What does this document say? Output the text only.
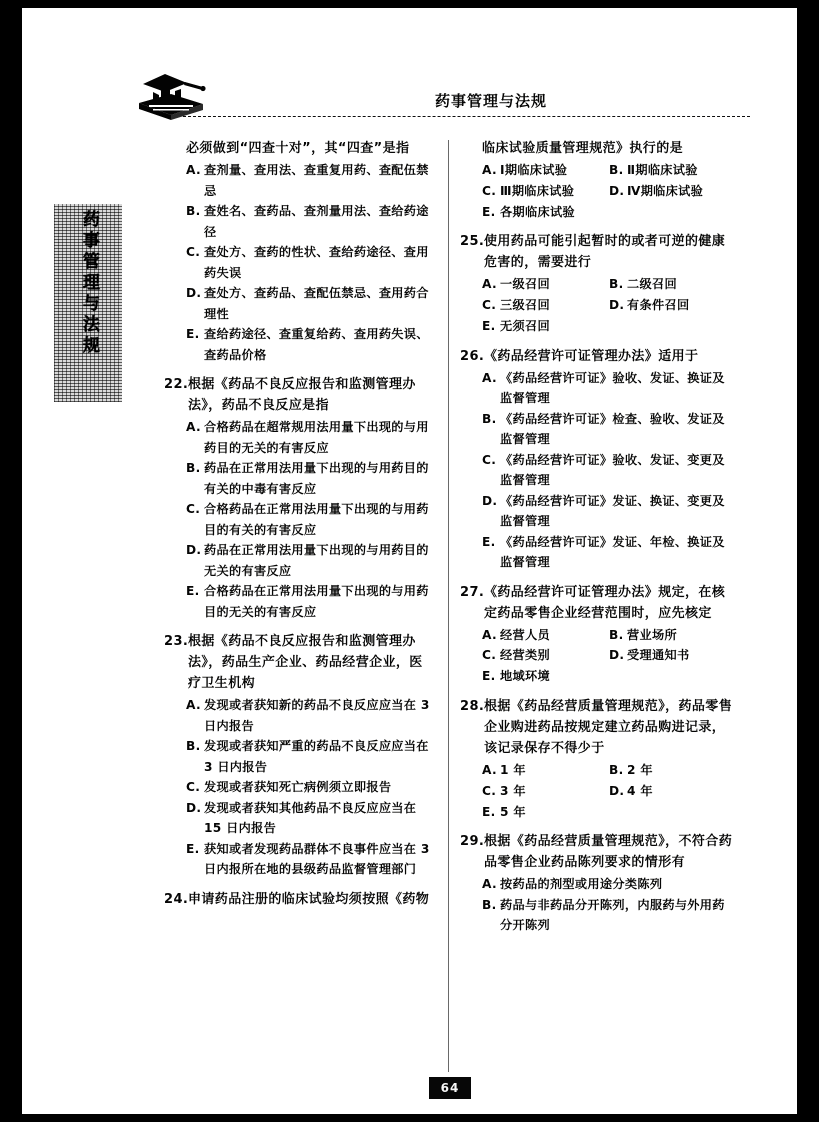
药事管理与法规
药事管理与法规
必须做到“四查十对”，其“四查”是指
A. 查剂量、查用法、查重复用药、查配伍禁忌
B. 查姓名、查药品、查剂量用法、查给药途径
C. 查处方、查药的性状、查给药途径、查用药失误
D. 查处方、查药品、查配伍禁忌、查用药合理性
E. 查给药途径、查重复给药、查用药失误、查药品价格
22. 根据《药品不良反应报告和监测管理办法》，药品不良反应是指
A. 合格药品在超常规用法用量下出现的与用药目的无关的有害反应
B. 药品在正常用法用量下出现的与用药目的有关的中毒有害反应
C. 合格药品在正常用法用量下出现的与用药目的有关的有害反应
D. 药品在正常用法用量下出现的与用药目的无关的有害反应
E. 合格药品在正常用法用量下出现的与用药目的无关的有害反应
23. 根据《药品不良反应报告和监测管理办法》，药品生产企业、药品经营企业，医疗卫生机构
A. 发现或者获知新的药品不良反应应当在 3 日内报告
B. 发现或者获知严重的药品不良反应应当在 3 日内报告
C. 发现或者获知死亡病例须立即报告
D. 发现或者获知其他药品不良反应应当在 15 日内报告
E. 获知或者发现药品群体不良事件应当在 3 日内报所在地的县级药品监督管理部门
24. 申请药品注册的临床试验均须按照《药物
临床试验质量管理规范》执行的是
A. Ⅰ期临床试验	B. Ⅱ期临床试验
C. Ⅲ期临床试验	D. Ⅳ期临床试验
E. 各期临床试验
25. 使用药品可能引起暂时的或者可逆的健康危害的，需要进行
A. 一级召回	B. 二级召回
C. 三级召回	D. 有条件召回
E. 无须召回
26. 《药品经营许可证管理办法》适用于
A. 《药品经营许可证》验收、发证、换证及监督管理
B. 《药品经营许可证》检查、验收、发证及监督管理
C. 《药品经营许可证》验收、发证、变更及监督管理
D. 《药品经营许可证》发证、换证、变更及监督管理
E. 《药品经营许可证》发证、年检、换证及监督管理
27. 《药品经营许可证管理办法》规定，在核定药品零售企业经营范围时，应先核定
A. 经营人员	B. 营业场所
C. 经营类别	D. 受理通知书
E. 地域环境
28. 根据《药品经营质量管理规范》，药品零售企业购进药品按规定建立药品购进记录，该记录保存不得少于
A. 1 年	B. 2 年
C. 3 年	D. 4 年
E. 5 年
29. 根据《药品经营质量管理规范》，不符合药品零售企业药品陈列要求的情形有
A. 按药品的剂型或用途分类陈列
B. 药品与非药品分开陈列，内服药与外用药分开陈列
64
